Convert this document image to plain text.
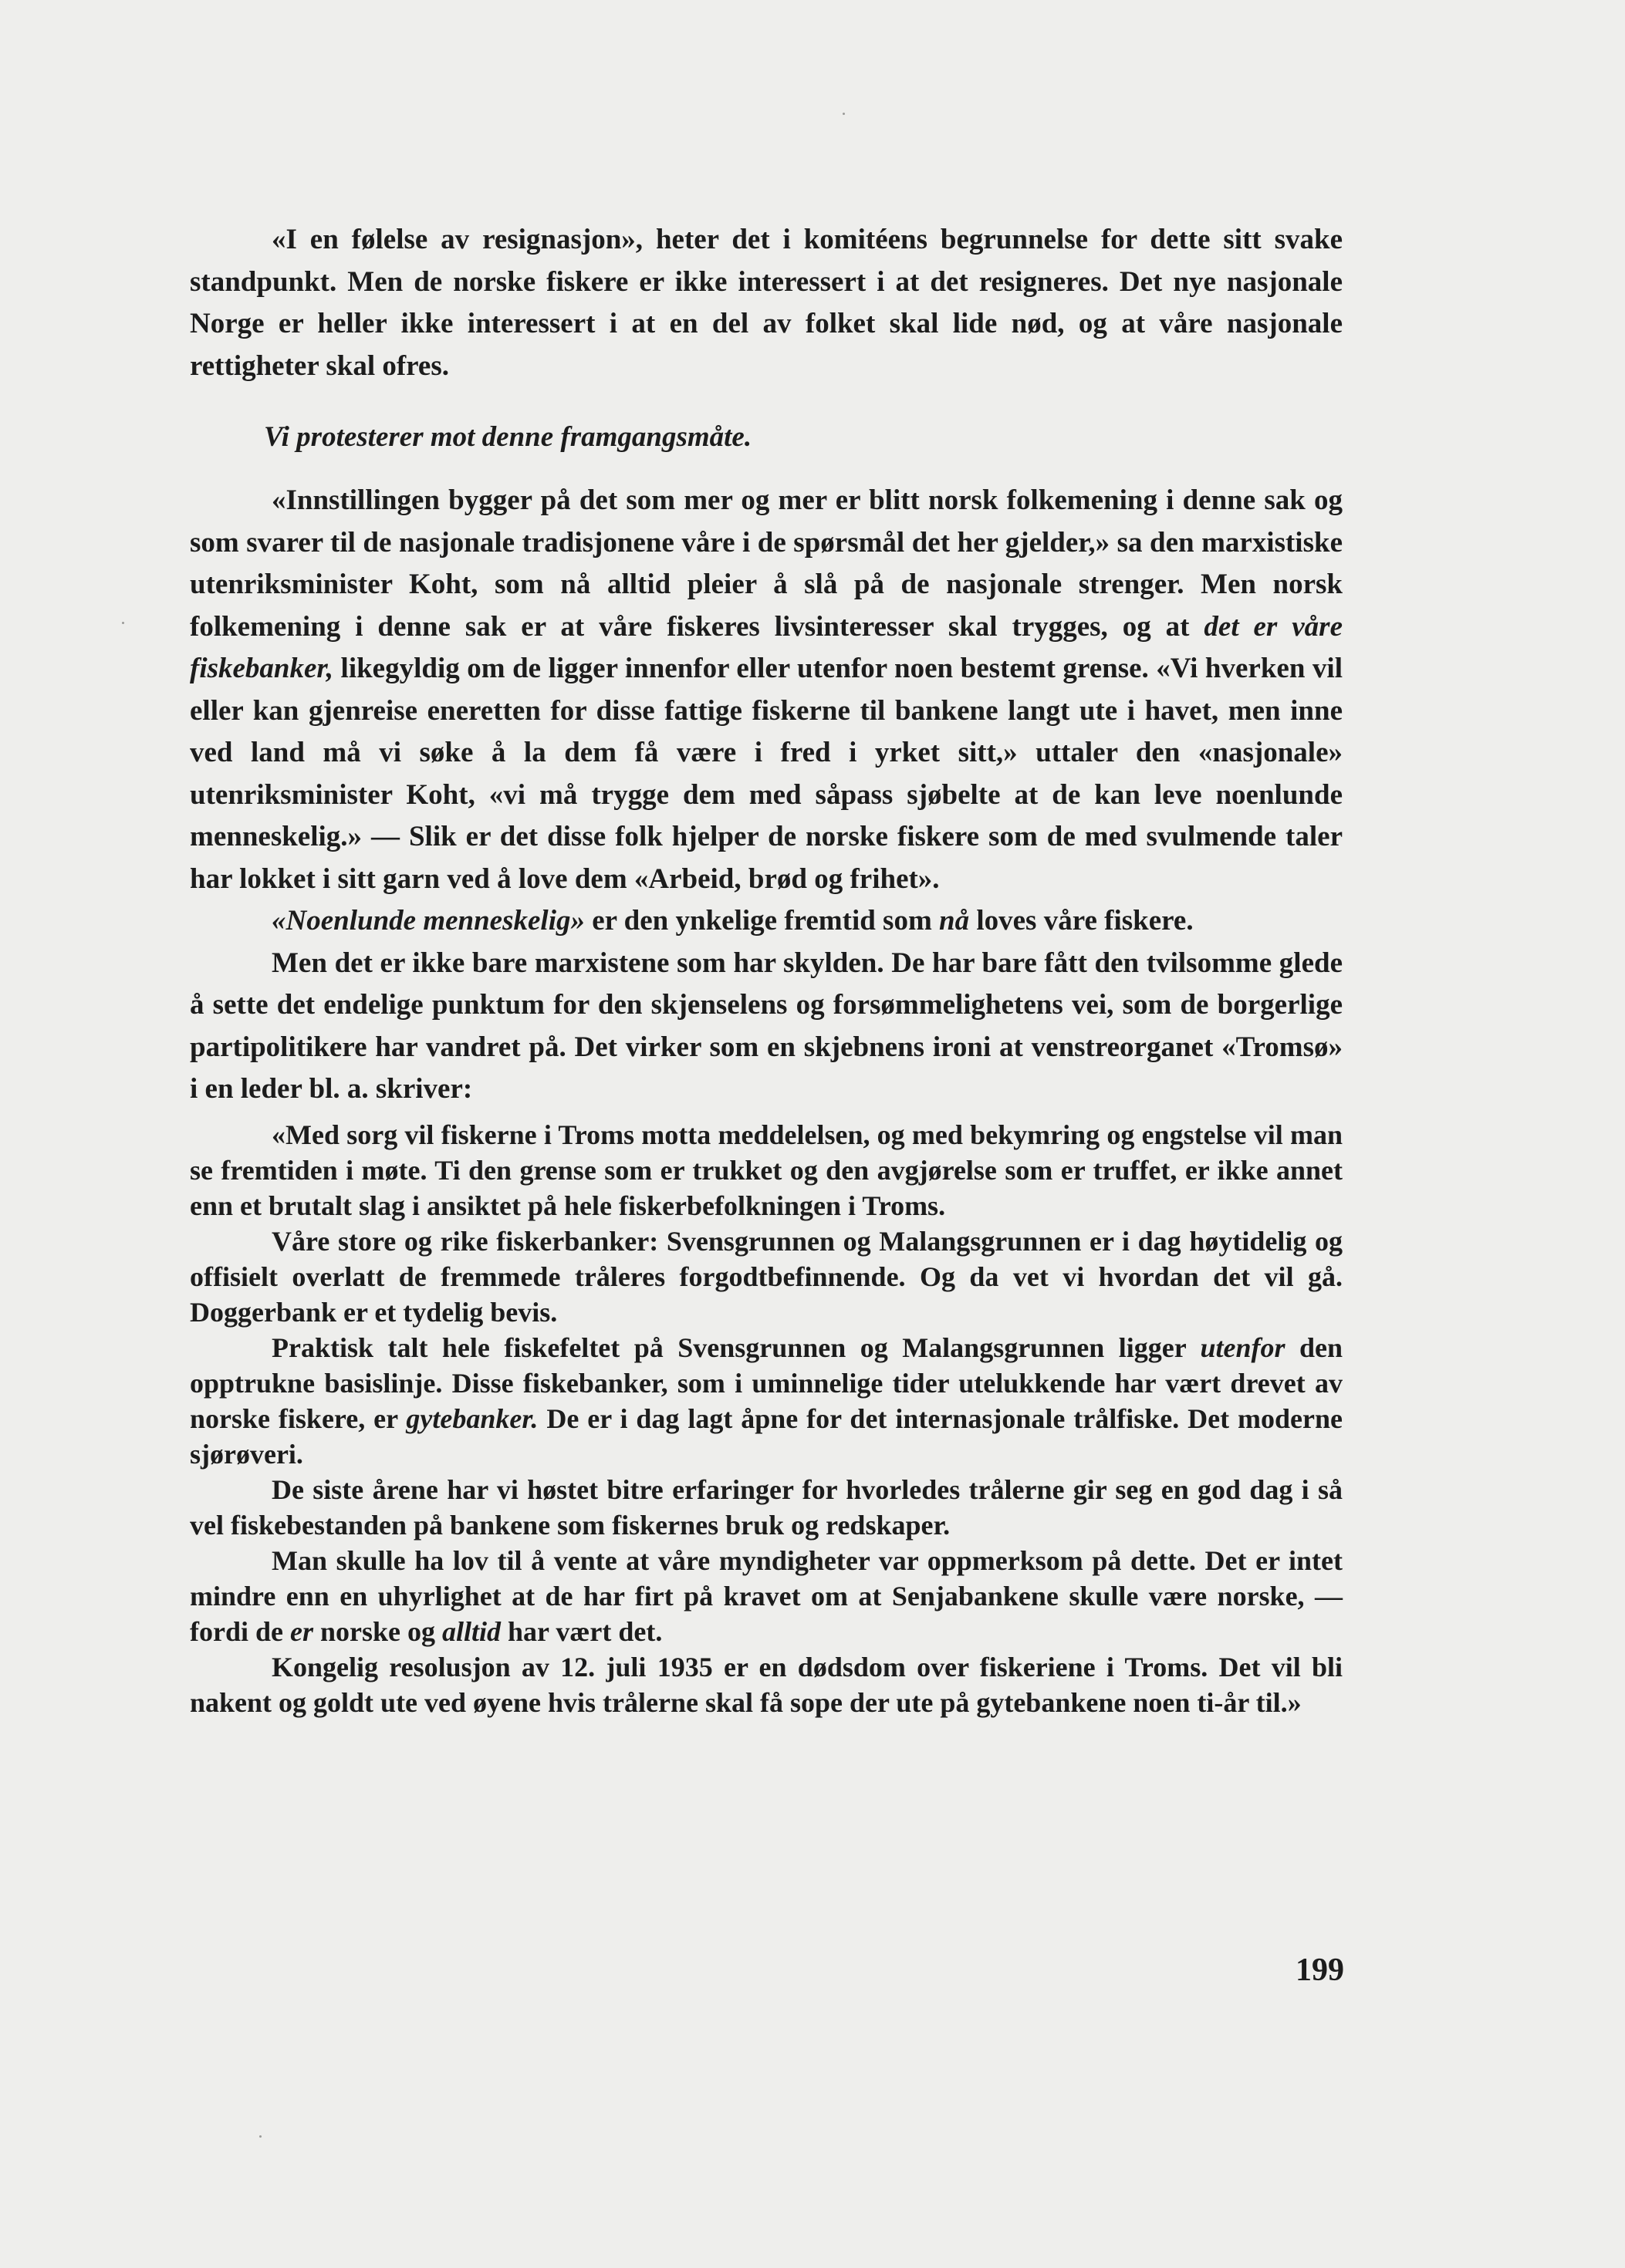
«I en følelse av resignasjon», heter det i komitéens begrunnelse for dette sitt svake standpunkt. Men de norske fiskere er ikke interessert i at det resigneres. Det nye nasjonale Norge er heller ikke interessert i at en del av folket skal lide nød, og at våre nasjonale rettigheter skal ofres.

Vi protesterer mot denne framgangsmåte.

«Innstillingen bygger på det som mer og mer er blitt norsk folkemening i denne sak og som svarer til de nasjonale tradisjonene våre i de spørsmål det her gjelder,» sa den marxistiske utenriksminister Koht, som nå alltid pleier å slå på de nasjonale strenger. Men norsk folkemening i denne sak er at våre fiskeres livsinteresser skal trygges, og at det er våre fiskebanker, likegyldig om de ligger innenfor eller utenfor noen bestemt grense. «Vi hverken vil eller kan gjenreise eneretten for disse fattige fiskerne til bankene langt ute i havet, men inne ved land må vi søke å la dem få være i fred i yrket sitt,» uttaler den «nasjonale» utenriksminister Koht, «vi må trygge dem med såpass sjøbelte at de kan leve noenlunde menneskelig.» — Slik er det disse folk hjelper de norske fiskere som de med svulmende taler har lokket i sitt garn ved å love dem «Arbeid, brød og frihet».

«Noenlunde menneskelig» er den ynkelige fremtid som nå loves våre fiskere.

Men det er ikke bare marxistene som har skylden. De har bare fått den tvilsomme glede å sette det endelige punktum for den skjenselens og forsømmelighetens vei, som de borgerlige partipolitikere har vandret på. Det virker som en skjebnens ironi at venstreorganet «Tromsø» i en leder bl. a. skriver:

«Med sorg vil fiskerne i Troms motta meddelelsen, og med bekymring og engstelse vil man se fremtiden i møte. Ti den grense som er trukket og den avgjørelse som er truffet, er ikke annet enn et brutalt slag i ansiktet på hele fiskerbefolkningen i Troms.

Våre store og rike fiskerbanker: Svensgrunnen og Malangsgrunnen er i dag høytidelig og offisielt overlatt de fremmede tråleres forgodtbefinnende. Og da vet vi hvordan det vil gå. Doggerbank er et tydelig bevis.

Praktisk talt hele fiskefeltet på Svensgrunnen og Malangsgrunnen ligger utenfor den opptrukne basislinje. Disse fiskebanker, som i uminnelige tider utelukkende har vært drevet av norske fiskere, er gytebanker. De er i dag lagt åpne for det internasjonale trålfiske. Det moderne sjørøveri.

De siste årene har vi høstet bitre erfaringer for hvorledes trålerne gir seg en god dag i så vel fiskebestanden på bankene som fiskernes bruk og redskaper.

Man skulle ha lov til å vente at våre myndigheter var oppmerksom på dette. Det er intet mindre enn en uhyrlighet at de har firt på kravet om at Senjabankene skulle være norske, — fordi de er norske og alltid har vært det.

Kongelig resolusjon av 12. juli 1935 er en dødsdom over fiskeriene i Troms. Det vil bli nakent og goldt ute ved øyene hvis trålerne skal få sope der ute på gytebankene noen ti-år til.»

199
